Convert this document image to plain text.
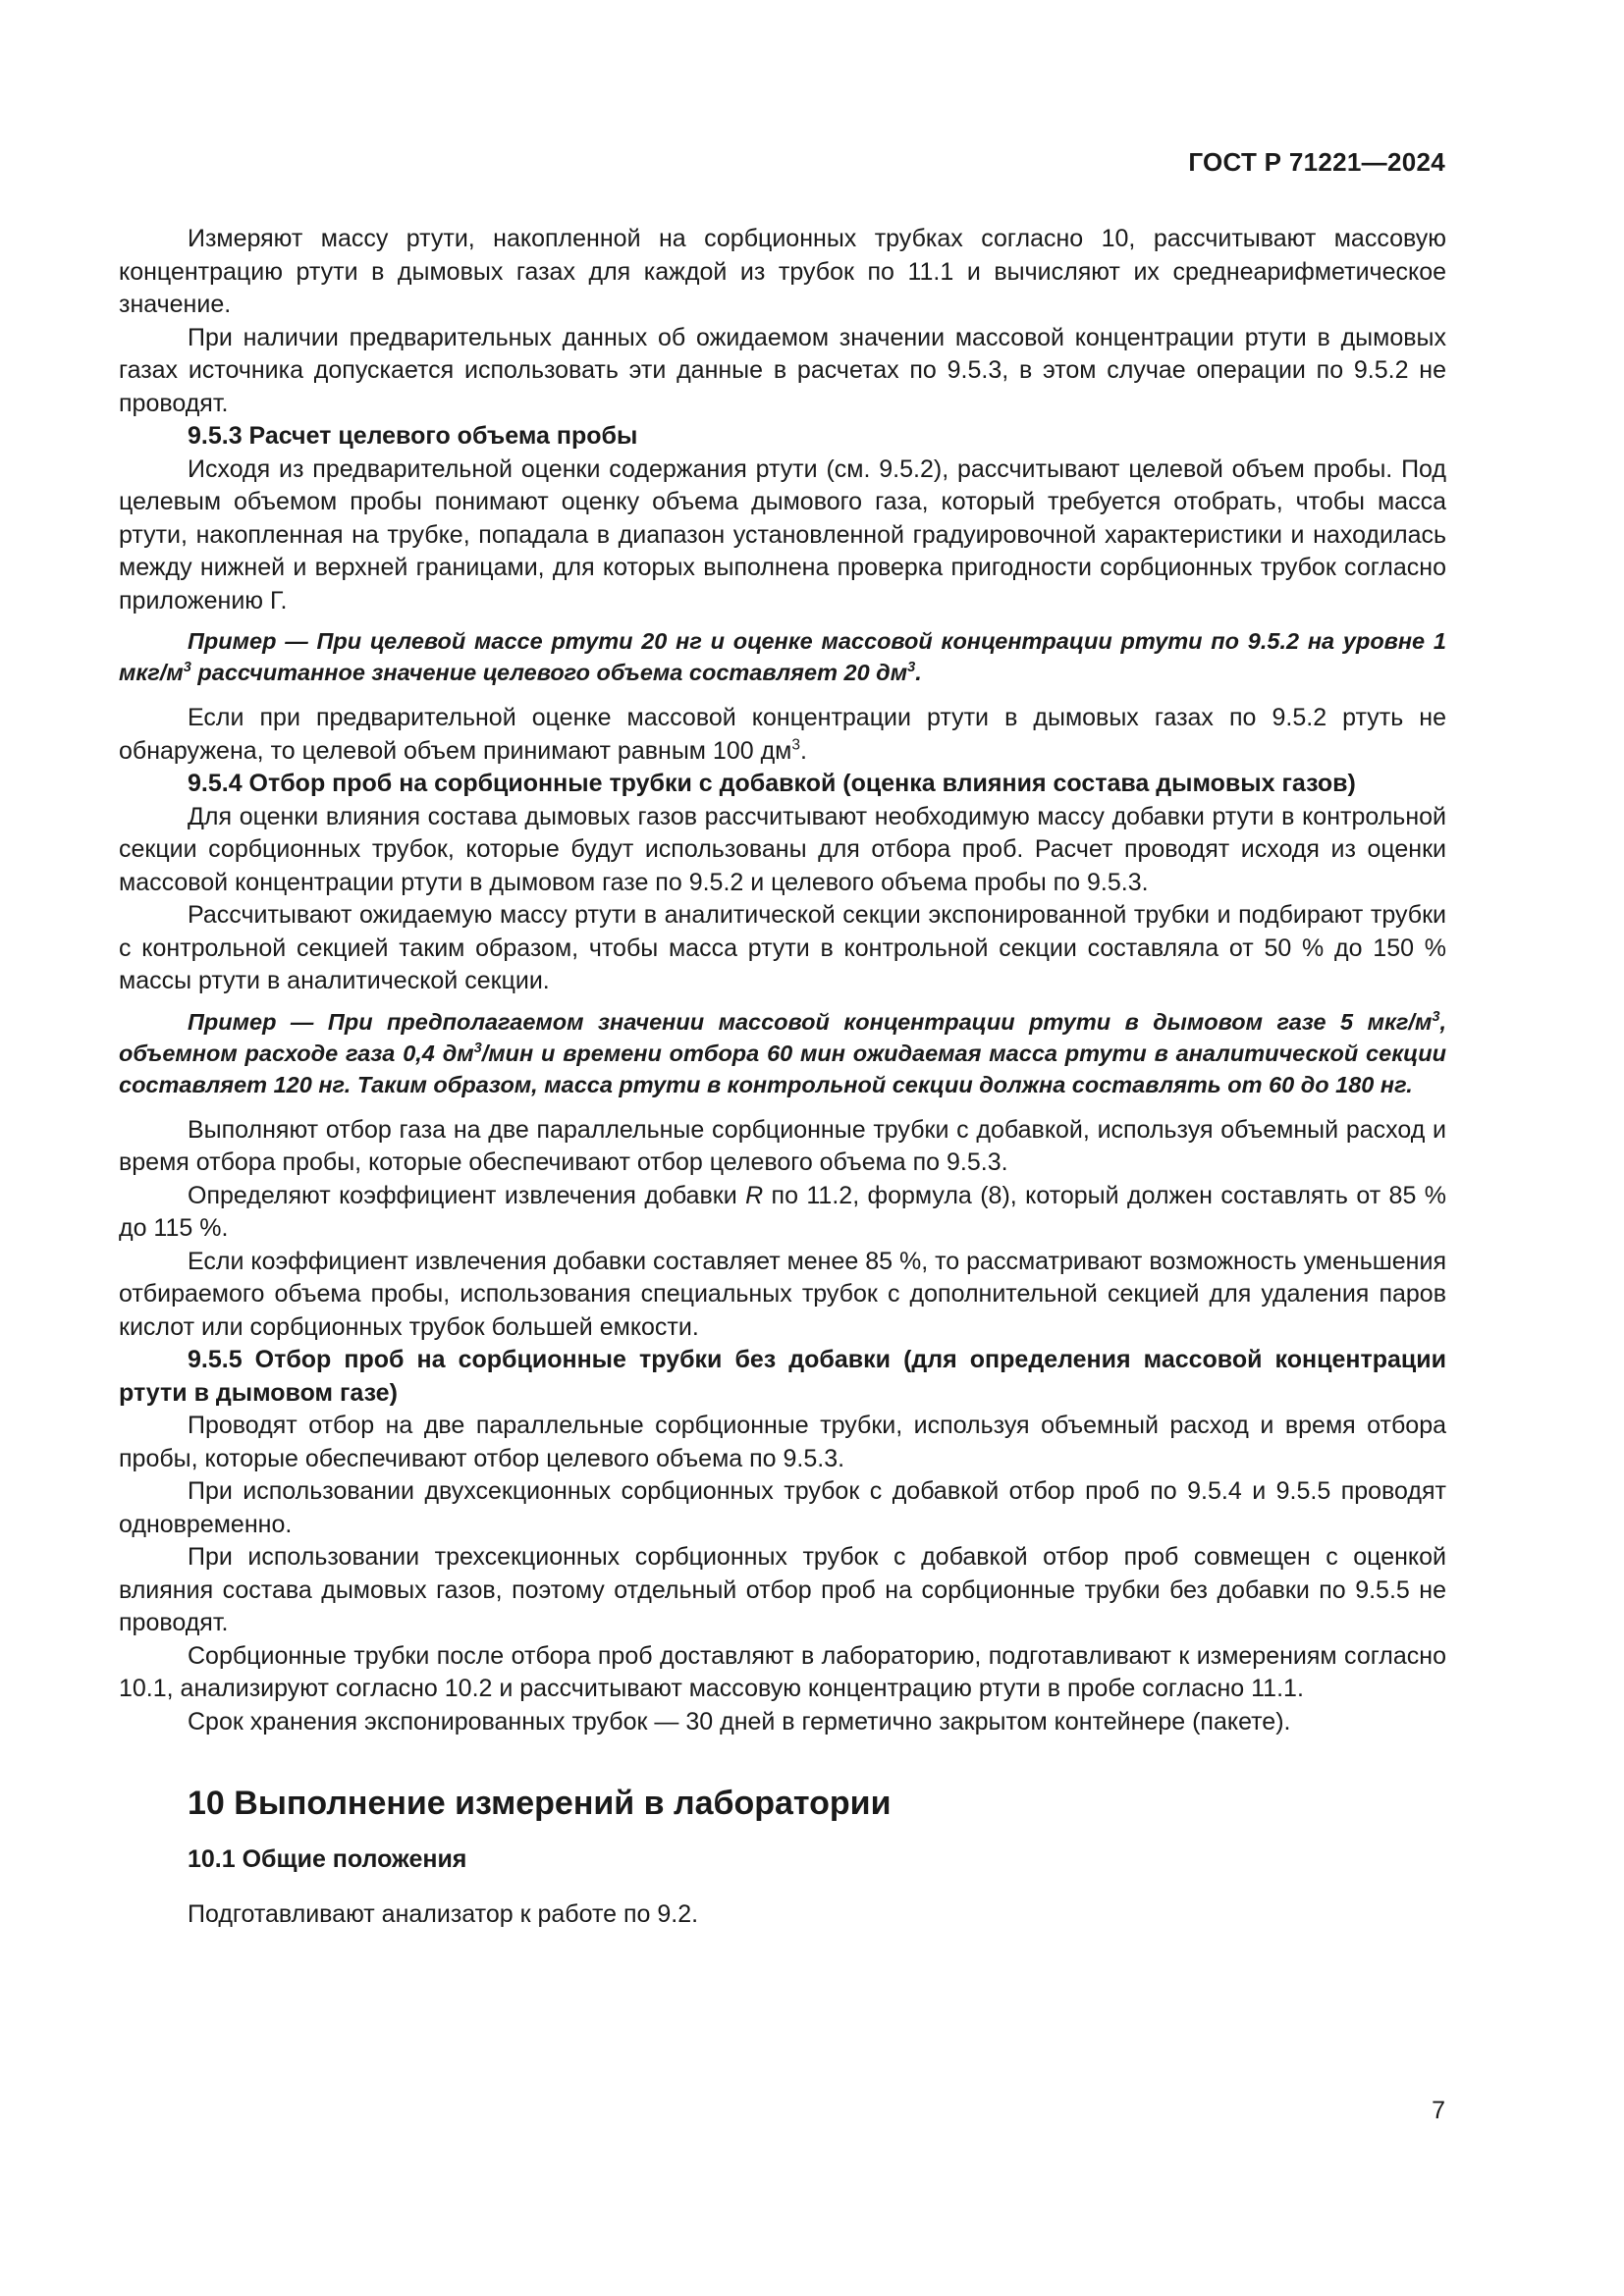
ГОСТ Р 71221—2024

Измеряют массу ртути, накопленной на сорбционных трубках согласно 10, рассчитывают массовую концентрацию ртути в дымовых газах для каждой из трубок по 11.1 и вычисляют их среднеарифметическое значение.

При наличии предварительных данных об ожидаемом значении массовой концентрации ртути в дымовых газах источника допускается использовать эти данные в расчетах по 9.5.3, в этом случае операции по 9.5.2 не проводят.

9.5.3 Расчет целевого объема пробы

Исходя из предварительной оценки содержания ртути (см. 9.5.2), рассчитывают целевой объем пробы. Под целевым объемом пробы понимают оценку объема дымового газа, который требуется отобрать, чтобы масса ртути, накопленная на трубке, попадала в диапазон установленной градуировочной характеристики и находилась между нижней и верхней границами, для которых выполнена проверка пригодности сорбционных трубок согласно приложению Г.

Пример — При целевой массе ртути 20 нг и оценке массовой концентрации ртути по 9.5.2 на уровне 1 мкг/$м^3$ рассчитанное значение целевого объема составляет 20 $дм^3$.

Если при предварительной оценке массовой концентрации ртути в дымовых газах по 9.5.2 ртуть не обнаружена, то целевой объем принимают равным 100 $дм^3$.

9.5.4 Отбор проб на сорбционные трубки с добавкой (оценка влияния состава дымовых газов)

Для оценки влияния состава дымовых газов рассчитывают необходимую массу добавки ртути в контрольной секции сорбционных трубок, которые будут использованы для отбора проб. Расчет проводят исходя из оценки массовой концентрации ртути в дымовом газе по 9.5.2 и целевого объема пробы по 9.5.3.

Рассчитывают ожидаемую массу ртути в аналитической секции экспонированной трубки и подбирают трубки с контрольной секцией таким образом, чтобы масса ртути в контрольной секции составляла от 50 % до 150 % массы ртути в аналитической секции.

Пример — При предполагаемом значении массовой концентрации ртути в дымовом газе 5 мкг/$м^3$, объемном расходе газа 0,4 $дм^3$/мин и времени отбора 60 мин ожидаемая масса ртути в аналитической секции составляет 120 нг. Таким образом, масса ртути в контрольной секции должна составлять от 60 до 180 нг.

Выполняют отбор газа на две параллельные сорбционные трубки с добавкой, используя объемный расход и время отбора пробы, которые обеспечивают отбор целевого объема по 9.5.3.

Определяют коэффициент извлечения добавки R по 11.2, формула (8), который должен составлять от 85 % до 115 %.

Если коэффициент извлечения добавки составляет менее 85 %, то рассматривают возможность уменьшения отбираемого объема пробы, использования специальных трубок с дополнительной секцией для удаления паров кислот или сорбционных трубок большей емкости.

9.5.5 Отбор проб на сорбционные трубки без добавки (для определения массовой концентрации ртути в дымовом газе)

Проводят отбор на две параллельные сорбционные трубки, используя объемный расход и время отбора пробы, которые обеспечивают отбор целевого объема по 9.5.3.

При использовании двухсекционных сорбционных трубок с добавкой отбор проб по 9.5.4 и 9.5.5 проводят одновременно.

При использовании трехсекционных сорбционных трубок с добавкой отбор проб совмещен с оценкой влияния состава дымовых газов, поэтому отдельный отбор проб на сорбционные трубки без добавки по 9.5.5 не проводят.

Сорбционные трубки после отбора проб доставляют в лабораторию, подготавливают к измерениям согласно 10.1, анализируют согласно 10.2 и рассчитывают массовую концентрацию ртути в пробе согласно 11.1.

Срок хранения экспонированных трубок — 30 дней в герметично закрытом контейнере (пакете).

10 Выполнение измерений в лаборатории
10.1 Общие положения

Подготавливают анализатор к работе по 9.2.

7
